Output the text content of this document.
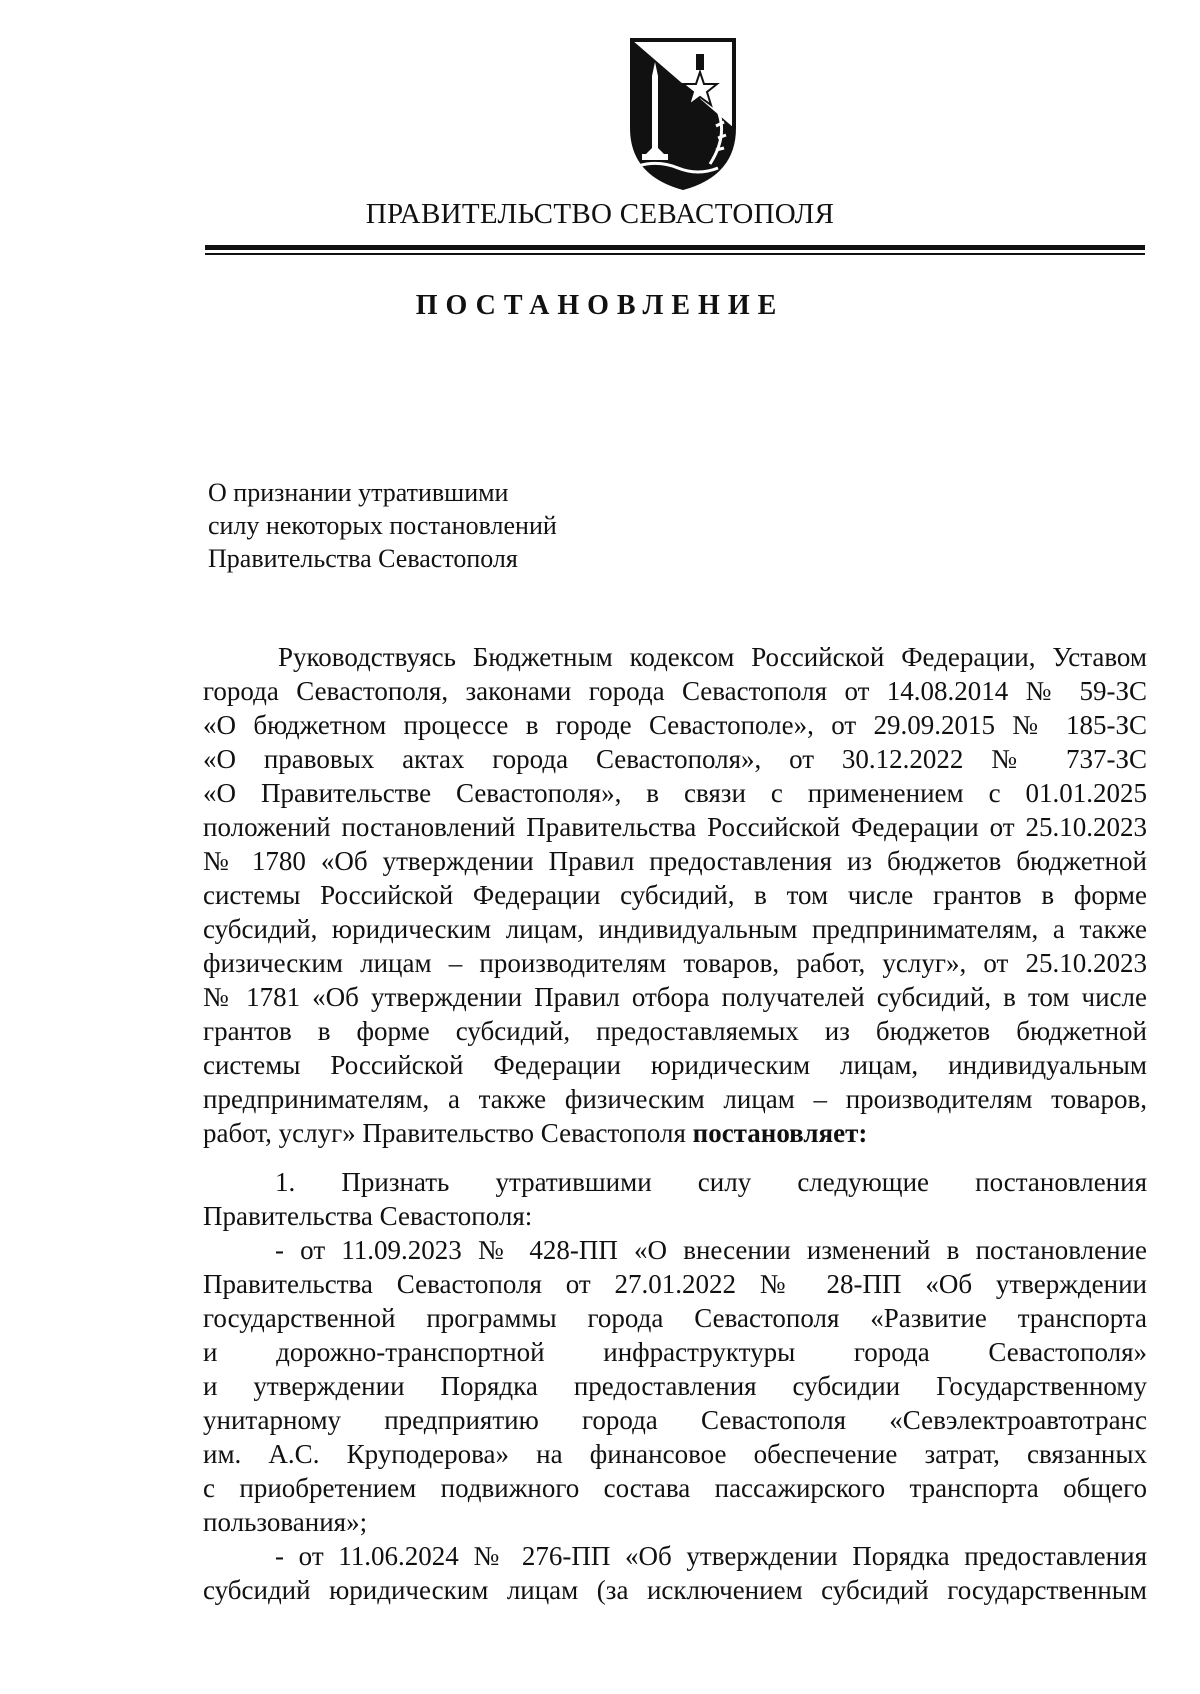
ПРАВИТЕЛЬСТВО СЕВАСТОПОЛЯ
ПОСТАНОВЛЕНИЕ
О признании утратившими
силу некоторых постановлений
Правительства Севастополя
Руководствуясь Бюджетным кодексом Российской Федерации, Уставом
города Севастополя, законами города Севастополя от 14.08.2014 № 59-ЗС
«О бюджетном процессе в городе Севастополе», от 29.09.2015 № 185-ЗС
«О правовых актах города Севастополя», от 30.12.2022 № 737-ЗС
«О Правительстве Севастополя», в связи с применением с 01.01.2025
положений постановлений Правительства Российской Федерации от 25.10.2023
№ 1780 «Об утверждении Правил предоставления из бюджетов бюджетной
системы Российской Федерации субсидий, в том числе грантов в форме
субсидий, юридическим лицам, индивидуальным предпринимателям, а также
физическим лицам – производителям товаров, работ, услуг», от 25.10.2023
№ 1781 «Об утверждении Правил отбора получателей субсидий, в том числе
грантов в форме субсидий, предоставляемых из бюджетов бюджетной
системы Российской Федерации юридическим лицам, индивидуальным
предпринимателям, а также физическим лицам – производителям товаров,
работ, услуг» Правительство Севастополя постановляет:
1. Признать утратившими силу следующие постановления
Правительства Севастополя:
- от 11.09.2023 № 428-ПП «О внесении изменений в постановление
Правительства Севастополя от 27.01.2022 № 28-ПП «Об утверждении
государственной программы города Севастополя «Развитие транспорта
и дорожно-транспортной инфраструктуры города Севастополя»
и утверждении Порядка предоставления субсидии Государственному
унитарному предприятию города Севастополя «Севэлектроавтотранс
им. А.С. Круподерова» на финансовое обеспечение затрат, связанных
с приобретением подвижного состава пассажирского транспорта общего
пользования»;
- от 11.06.2024 № 276-ПП «Об утверждении Порядка предоставления
субсидий юридическим лицам (за исключением субсидий государственным
